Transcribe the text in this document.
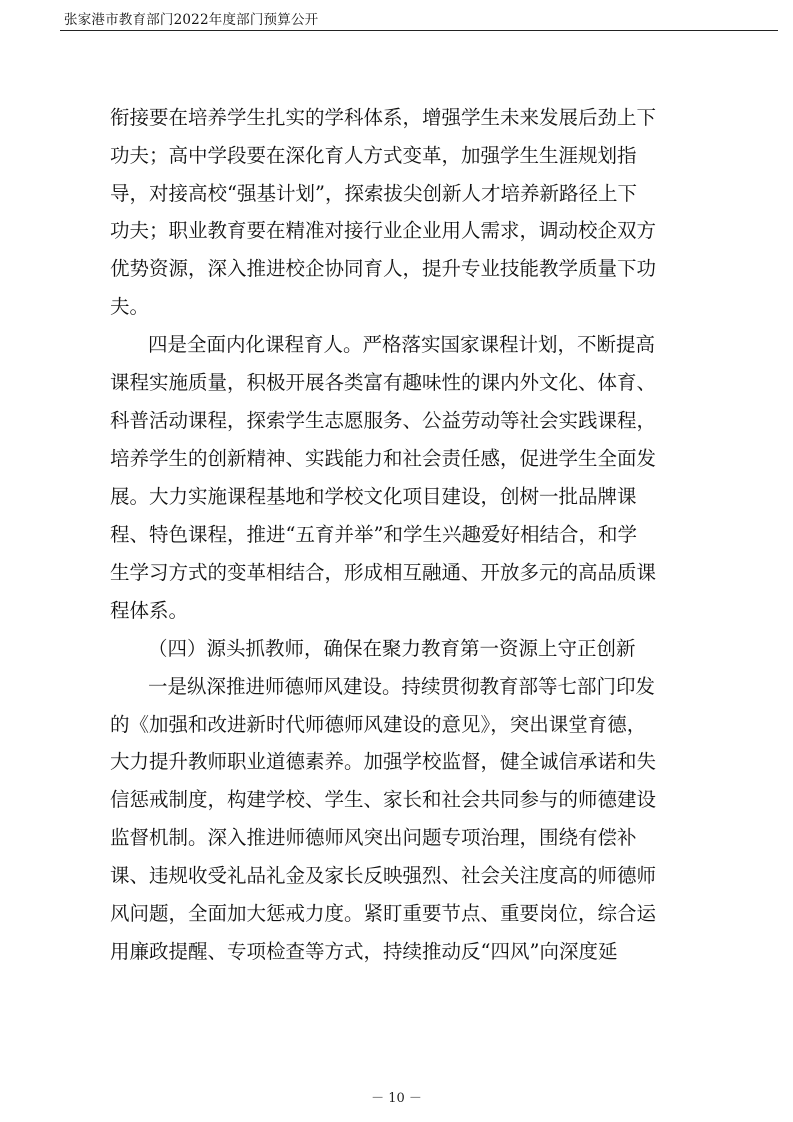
张家港市教育部门2022年度部门预算公开
衔接要在培养学生扎实的学科体系，增强学生未来发展后劲上下
功夫；高中学段要在深化育人方式变革，加强学生生涯规划指
导，对接高校“强基计划”，探索拔尖创新人才培养新路径上下
功夫；职业教育要在精准对接行业企业用人需求，调动校企双方
优势资源，深入推进校企协同育人，提升专业技能教学质量下功
夫。
四是全面内化课程育人。严格落实国家课程计划，不断提高
课程实施质量，积极开展各类富有趣味性的课内外文化、体育、
科普活动课程，探索学生志愿服务、公益劳动等社会实践课程，
培养学生的创新精神、实践能力和社会责任感，促进学生全面发
展。大力实施课程基地和学校文化项目建设，创树一批品牌课
程、特色课程，推进“五育并举”和学生兴趣爱好相结合，和学
生学习方式的变革相结合，形成相互融通、开放多元的高品质课
程体系。
（四）源头抓教师，确保在聚力教育第一资源上守正创新
一是纵深推进师德师风建设。持续贯彻教育部等七部门印发
的《加强和改进新时代师德师风建设的意见》，突出课堂育德，
大力提升教师职业道德素养。加强学校监督，健全诚信承诺和失
信惩戒制度，构建学校、学生、家长和社会共同参与的师德建设
监督机制。深入推进师德师风突出问题专项治理，围绕有偿补
课、违规收受礼品礼金及家长反映强烈、社会关注度高的师德师
风问题，全面加大惩戒力度。紧盯重要节点、重要岗位，综合运
用廉政提醒、专项检查等方式，持续推动反“四风”向深度延
－ 10 －
